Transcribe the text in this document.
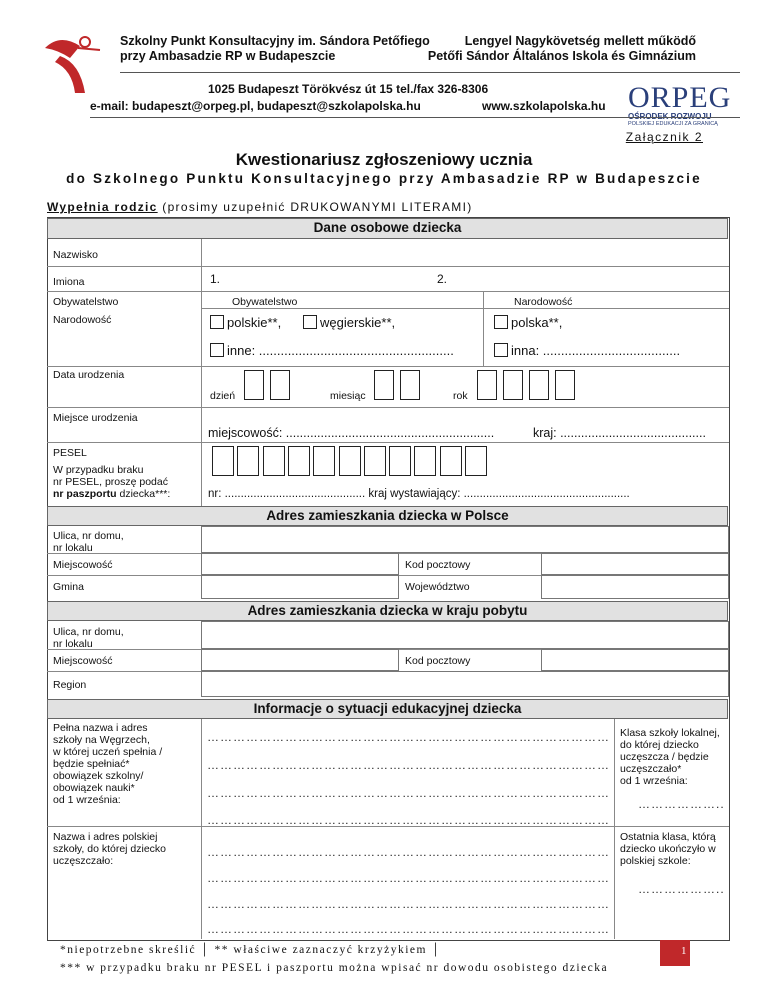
Szkolny Punkt Konsultacyjny im. Sándora Petőfiego
przy Ambasadzie RP w Budapeszcie
Lengyel Nagykövetség mellett működő
Petőfi Sándor Általános Iskola és Gimnázium
1025 Budapeszt Törökvész út 15 tel./fax 326-8306
e-mail: budapeszt@orpeg.pl, budapeszt@szkolapolska.hu	www.szkolapolska.hu ORPEG
OŚRODEK ROZWOJU
POLSKIEJ EDUKACJI ZA GRANICĄ
Załącznik 2
Kwestionariusz zgłoszeniowy ucznia
do Szkolnego Punktu Konsultacyjnego przy Ambasadzie RP w Budapeszcie
Wypełnia rodzic (prosimy uzupełnić DRUKOWANYMI LITERAMI)
Dane osobowe dziecka
Nazwisko
Imiona	1.	2.
Obywatelstwo
Narodowość
Obywatelstwo	Narodowość
polskie**,	węgierskie**,	polska**,
inne: ......................................................	inna: ......................................
Data urodzenia
dzień	miesiąc	rok
Miejsce urodzenia
miejscowość: ............................................................	kraj: ..........................................
PESEL
W przypadku braku
nr PESEL, proszę podać
nr paszportu dziecka***:	nr: ............................................ kraj wystawiający: ....................................................
Adres zamieszkania dziecka w Polsce
Ulica, nr domu,
nr lokalu
Miejscowość	Kod pocztowy
Gmina	Województwo
Adres zamieszkania dziecka w kraju pobytu
Ulica, nr domu,
nr lokalu
Miejscowość	Kod pocztowy
Region
Informacje o sytuacji edukacyjnej dziecka
Pełna nazwa i adres
szkoły na Węgrzech,
w której uczeń spełnia /
będzie spełniać*
obowiązek szkolny/
obowiązek nauki*
od 1 września:
…………………………………………………………………………………
…………………………………………………………………………………
…………………………………………………………………………………
…………………………………………………………………………………
Klasa szkoły lokalnej,
do której dziecko
uczęszcza / będzie
uczęszczało*
od 1 września:
………………..
Nazwa i adres polskiej
szkoły, do której dziecko
uczęszczało:
…………………………………………………………………………………
…………………………………………………………………………………
…………………………………………………………………………………
…………………………………………………………………………………
Ostatnia klasa, którą
dziecko ukończyło w
polskiej szkole:
………………..
*niepotrzebne skreślić │ ** właściwe zaznaczyć krzyżykiem │
*** w przypadku braku nr PESEL i paszportu można wpisać nr dowodu osobistego dziecka
1
